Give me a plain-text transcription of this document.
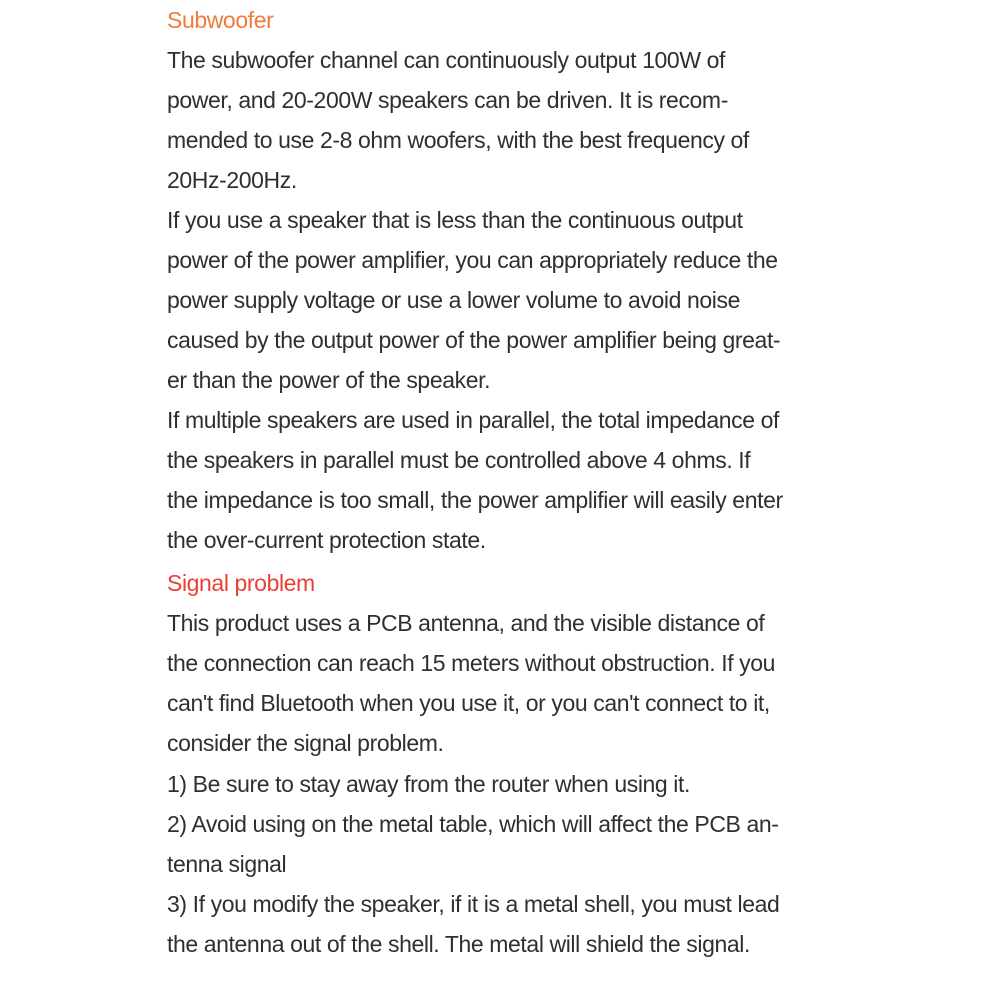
Subwoofer
The subwoofer channel can continuously output 100W of
power, and 20-200W speakers can be driven. It is recom-
mended to use 2-8 ohm woofers, with the best frequency of
20Hz-200Hz.
If you use a speaker that is less than the continuous output
power of the power amplifier, you can appropriately reduce the
power supply voltage or use a lower volume to avoid noise
caused by the output power of the power amplifier being great-
er than the power of the speaker.
If multiple speakers are used in parallel, the total impedance of
the speakers in parallel must be controlled above 4 ohms. If
the impedance is too small, the power amplifier will easily enter
the over-current protection state.
Signal problem
This product uses a PCB antenna, and the visible distance of
the connection can reach 15 meters without obstruction. If you
can't find Bluetooth when you use it, or you can't connect to it,
consider the signal problem.
1) Be sure to stay away from the router when using it.
2) Avoid using on the metal table, which will affect the PCB an-
tenna signal
3) If you modify the speaker, if it is a metal shell, you must lead
the antenna out of the shell. The metal will shield the signal.
